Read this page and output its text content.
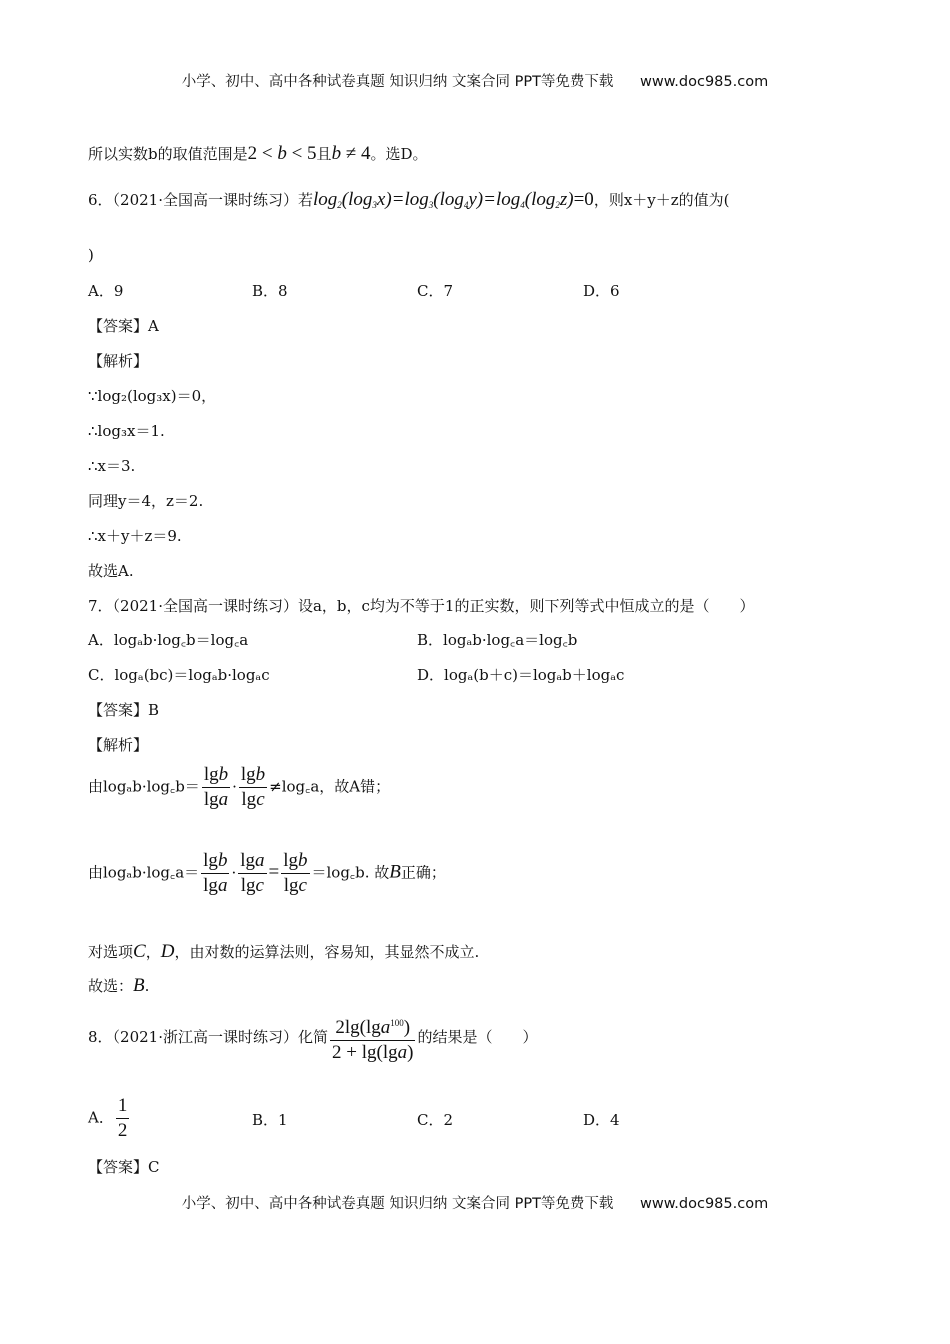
小学、初中、高中各种试卷真题 知识归纳 文案合同 PPT等免费下载 www.doc985.com
所以实数b的取值范围是2 < b < 5且b ≠ 4。选D。
6．（2021·全国高一课时练习）若$\log_2(\log_3x)=\log_3(\log_4y)=\log_4(\log_2z)=0$，则x＋y＋z的值为(
)
A．9	B．8	C．7	D．6
【答案】A
【解析】
∵log₂(log₃x)＝0，
∴log₃x＝1.
∴x＝3.
同理y＝4，z＝2.
∴x＋y＋z＝9.
故选A.
7．（2021·全国高一课时练习）设a，b，c均为不等于1的正实数，则下列等式中恒成立的是（　　）
A．logₐb·log꜀b＝log꜀a	B．logₐb·log꜀a＝log꜀b
C．logₐ(bc)＝logₐb·logₐc	D．logₐ(b＋c)＝logₐb＋logₐc
【答案】B
【解析】
由logₐb·log꜀b＝ $\frac{\lg b}{\lg a} \cdot \frac{\lg b}{\lg c}$ ≠log꜀a，故A错；
由logₐb·log꜀a＝ $\frac{\lg b}{\lg a} \cdot \frac{\lg a}{\lg c} = \frac{\lg b}{\lg c}$ ＝log꜀b. 故B正确；
对选项C，D，由对数的运算法则，容易知，其显然不成立.
故选：B.
8．（2021·浙江高一课时练习）化简 $\frac{2\lg(\lg a^{100})}{2 + \lg(\lg a)}$ 的结果是（　　）
A． $\frac{1}{2}$	B．1	C．2	D．4
【答案】C
小学、初中、高中各种试卷真题 知识归纳 文案合同 PPT等免费下载 www.doc985.com
